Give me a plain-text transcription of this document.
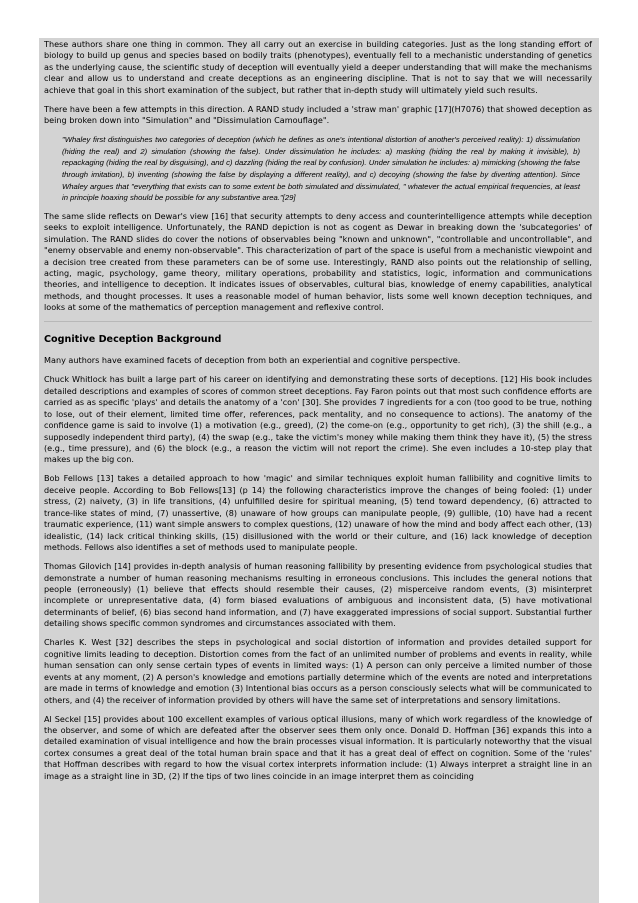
These authors share one thing in common. They all carry out an exercise in building categories. Just as the long standing effort of biology to build up genus and species based on bodily traits (phenotypes), eventually fell to a mechanistic understanding of genetics as the underlying cause, the scientific study of deception will eventually yield a deeper understanding that will make the mechanisms clear and allow us to understand and create deceptions as an engineering discipline. That is not to say that we will necessarily achieve that goal in this short examination of the subject, but rather that in-depth study will ultimately yield such results.

There have been a few attempts in this direction. A RAND study included a 'straw man' graphic [17](H7076) that showed deception as being broken down into "Simulation" and "Dissimulation Camouflage".

"Whaley first distinguishes two categories of deception (which he defines as one's intentional distortion of another's perceived reality): 1) dissimulation (hiding the real) and 2) simulation (showing the false). Under dissimulation he includes: a) masking (hiding the real by making it invisible), b) repackaging (hiding the real by disguising), and c) dazzling (hiding the real by confusion). Under simulation he includes: a) mimicking (showing the false through imitation), b) inventing (showing the false by displaying a different reality), and c) decoying (showing the false by diverting attention). Since Whaley argues that "everything that exists can to some extent be both simulated and dissimulated, " whatever the actual empirical frequencies, at least in principle hoaxing should be possible for any substantive area."[29]

The same slide reflects on Dewar's view [16] that security attempts to deny access and counterintelligence attempts while deception seeks to exploit intelligence. Unfortunately, the RAND depiction is not as cogent as Dewar in breaking down the 'subcategories' of simulation. The RAND slides do cover the notions of observables being "known and unknown", "controllable and uncontrollable", and "enemy observable and enemy non-observable". This characterization of part of the space is useful from a mechanistic viewpoint and a decision tree created from these parameters can be of some use. Interestingly, RAND also points out the relationship of selling, acting, magic, psychology, game theory, military operations, probability and statistics, logic, information and communications theories, and intelligence to deception. It indicates issues of observables, cultural bias, knowledge of enemy capabilities, analytical methods, and thought processes. It uses a reasonable model of human behavior, lists some well known deception techniques, and looks at some of the mathematics of perception management and reflexive control.

Cognitive Deception Background

Many authors have examined facets of deception from both an experiential and cognitive perspective.

Chuck Whitlock has built a large part of his career on identifying and demonstrating these sorts of deceptions. [12] His book includes detailed descriptions and examples of scores of common street deceptions. Fay Faron points out that most such confidence efforts are carried as as specific 'plays' and details the anatomy of a 'con' [30]. She provides 7 ingredients for a con (too good to be true, nothing to lose, out of their element, limited time offer, references, pack mentality, and no consequence to actions). The anatomy of the confidence game is said to involve (1) a motivation (e.g., greed), (2) the come-on (e.g., opportunity to get rich), (3) the shill (e.g., a supposedly independent third party), (4) the swap (e.g., take the victim's money while making them think they have it), (5) the stress (e.g., time pressure), and (6) the block (e.g., a reason the victim will not report the crime). She even includes a 10-step play that makes up the big con.

Bob Fellows [13] takes a detailed approach to how 'magic' and similar techniques exploit human fallibility and cognitive limits to deceive people. According to Bob Fellows[13] (p 14) the following characteristics improve the changes of being fooled: (1) under stress, (2) naivety, (3) in life transitions, (4) unfulfilled desire for spiritual meaning, (5) tend toward dependency, (6) attracted to trance-like states of mind, (7) unassertive, (8) unaware of how groups can manipulate people, (9) gullible, (10) have had a recent traumatic experience, (11) want simple answers to complex questions, (12) unaware of how the mind and body affect each other, (13) idealistic, (14) lack critical thinking skills, (15) disillusioned with the world or their culture, and (16) lack knowledge of deception methods. Fellows also identifies a set of methods used to manipulate people.

Thomas Gilovich [14] provides in-depth analysis of human reasoning fallibility by presenting evidence from psychological studies that demonstrate a number of human reasoning mechanisms resulting in erroneous conclusions. This includes the general notions that people (erroneously) (1) believe that effects should resemble their causes, (2) misperceive random events, (3) misinterpret incomplete or unrepresentative data, (4) form biased evaluations of ambiguous and inconsistent data, (5) have motivational determinants of belief, (6) bias second hand information, and (7) have exaggerated impressions of social support. Substantial further detailing shows specific common syndromes and circumstances associated with them.

Charles K. West [32] describes the steps in psychological and social distortion of information and provides detailed support for cognitive limits leading to deception. Distortion comes from the fact of an unlimited number of problems and events in reality, while human sensation can only sense certain types of events in limited ways: (1) A person can only perceive a limited number of those events at any moment, (2) A person's knowledge and emotions partially determine which of the events are noted and interpretations are made in terms of knowledge and emotion (3) Intentional bias occurs as a person consciously selects what will be communicated to others, and (4) the receiver of information provided by others will have the same set of interpretations and sensory limitations.

Al Seckel [15] provides about 100 excellent examples of various optical illusions, many of which work regardless of the knowledge of the observer, and some of which are defeated after the observer sees them only once. Donald D. Hoffman [36] expands this into a detailed examination of visual intelligence and how the brain processes visual information. It is particularly noteworthy that the visual cortex consumes a great deal of the total human brain space and that it has a great deal of effect on cognition. Some of the 'rules' that Hoffman describes with regard to how the visual cortex interprets information include: (1) Always interpret a straight line in an image as a straight line in 3D, (2) If the tips of two lines coincide in an image interpret them as coinciding
